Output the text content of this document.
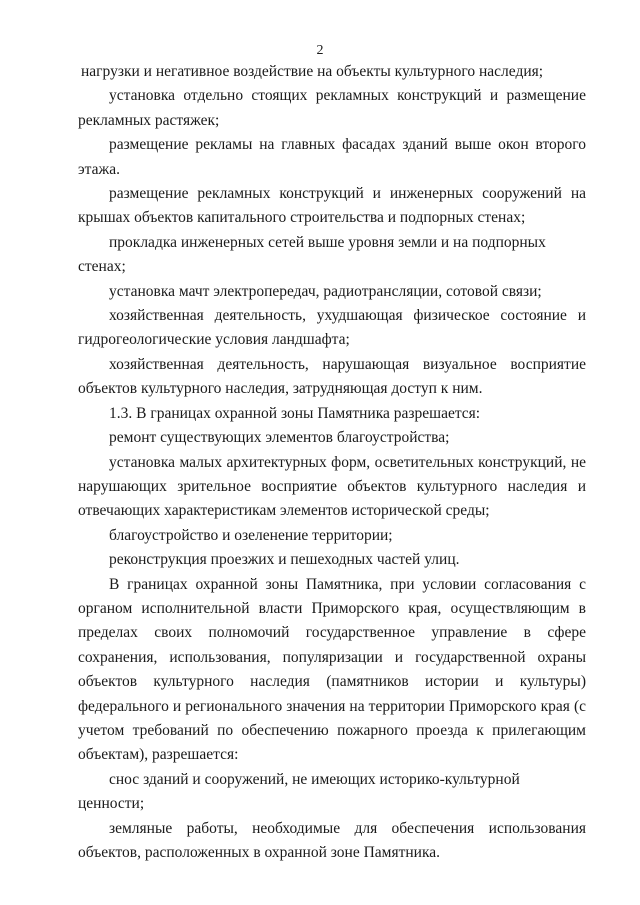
2

нагрузки и негативное воздействие на объекты культурного наследия;

установка отдельно стоящих рекламных конструкций и размещение рекламных растяжек;

размещение рекламы на главных фасадах зданий выше окон второго этажа.

размещение рекламных конструкций и инженерных сооружений на крышах объектов капитального строительства и подпорных стенах;

прокладка инженерных сетей выше уровня земли и на подпорных стенах;

установка мачт электропередач, радиотрансляции, сотовой связи;

хозяйственная деятельность, ухудшающая физическое состояние и гидрогеологические условия ландшафта;

хозяйственная деятельность, нарушающая визуальное восприятие объектов культурного наследия, затрудняющая доступ к ним.

1.3. В границах охранной зоны Памятника разрешается:

ремонт существующих элементов благоустройства;

установка малых архитектурных форм, осветительных конструкций, не нарушающих зрительное восприятие объектов культурного наследия и отвечающих характеристикам элементов исторической среды;

благоустройство и озеленение территории;

реконструкция проезжих и пешеходных частей улиц.

В границах охранной зоны Памятника, при условии согласования с органом исполнительной власти Приморского края, осуществляющим в пределах своих полномочий государственное управление в сфере сохранения, использования, популяризации и государственной охраны объектов культурного наследия (памятников истории и культуры) федерального и регионального значения на территории Приморского края (с учетом требований по обеспечению пожарного проезда к прилегающим объектам), разрешается:

снос зданий и сооружений, не имеющих историко-культурной ценности;

земляные работы, необходимые для обеспечения использования объектов, расположенных в охранной зоне Памятника.
